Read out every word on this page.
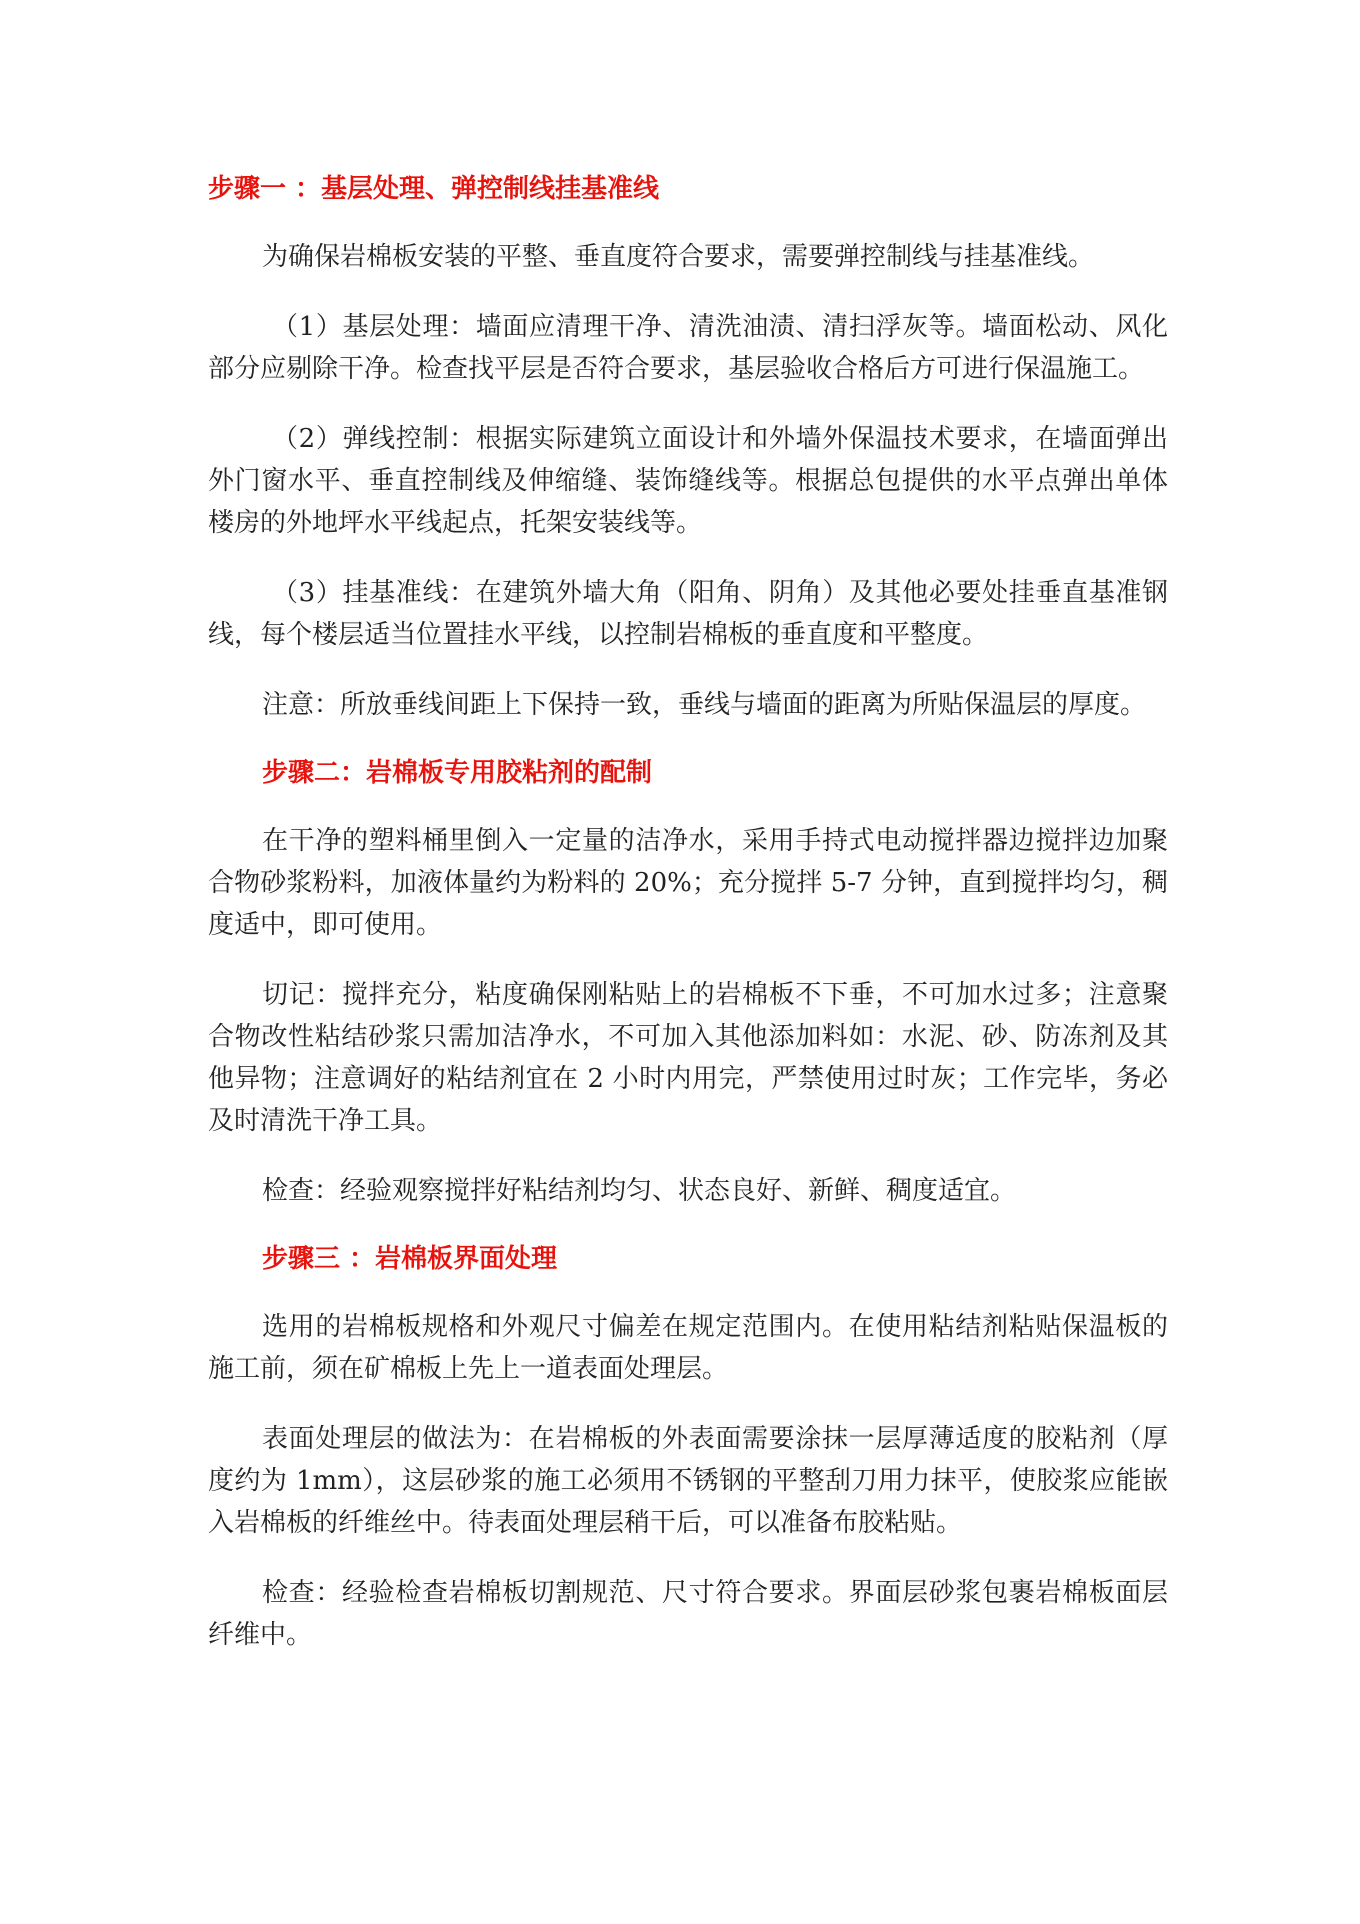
步骤一 ：基层处理、弹控制线挂基准线

为确保岩棉板安装的平整、垂直度符合要求，需要弹控制线与挂基准线。

（1）基层处理：墙面应清理干净、清洗油渍、清扫浮灰等。墙面松动、风化部分应剔除干净。检查找平层是否符合要求，基层验收合格后方可进行保温施工。

（2）弹线控制：根据实际建筑立面设计和外墙外保温技术要求，在墙面弹出外门窗水平、垂直控制线及伸缩缝、装饰缝线等。根据总包提供的水平点弹出单体楼房的外地坪水平线起点，托架安装线等。

（3）挂基准线：在建筑外墙大角（阳角、阴角）及其他必要处挂垂直基准钢线，每个楼层适当位置挂水平线，以控制岩棉板的垂直度和平整度。

注意：所放垂线间距上下保持一致，垂线与墙面的距离为所贴保温层的厚度。

步骤二：岩棉板专用胶粘剂的配制

在干净的塑料桶里倒入一定量的洁净水，采用手持式电动搅拌器边搅拌边加聚合物砂浆粉料，加液体量约为粉料的 20%；充分搅拌 5-7 分钟，直到搅拌均匀，稠度适中，即可使用。

切记：搅拌充分，粘度确保刚粘贴上的岩棉板不下垂，不可加水过多；注意聚合物改性粘结砂浆只需加洁净水，不可加入其他添加料如：水泥、砂、防冻剂及其他异物；注意调好的粘结剂宜在 2 小时内用完，严禁使用过时灰；工作完毕，务必及时清洗干净工具。

检查：经验观察搅拌好粘结剂均匀、状态良好、新鲜、稠度适宜。

步骤三 ：岩棉板界面处理

选用的岩棉板规格和外观尺寸偏差在规定范围内。在使用粘结剂粘贴保温板的施工前，须在矿棉板上先上一道表面处理层。

表面处理层的做法为：在岩棉板的外表面需要涂抹一层厚薄适度的胶粘剂（厚度约为 1mm），这层砂浆的施工必须用不锈钢的平整刮刀用力抹平，使胶浆应能嵌入岩棉板的纤维丝中。待表面处理层稍干后，可以准备布胶粘贴。

检查：经验检查岩棉板切割规范、尺寸符合要求。界面层砂浆包裹岩棉板面层纤维中。
